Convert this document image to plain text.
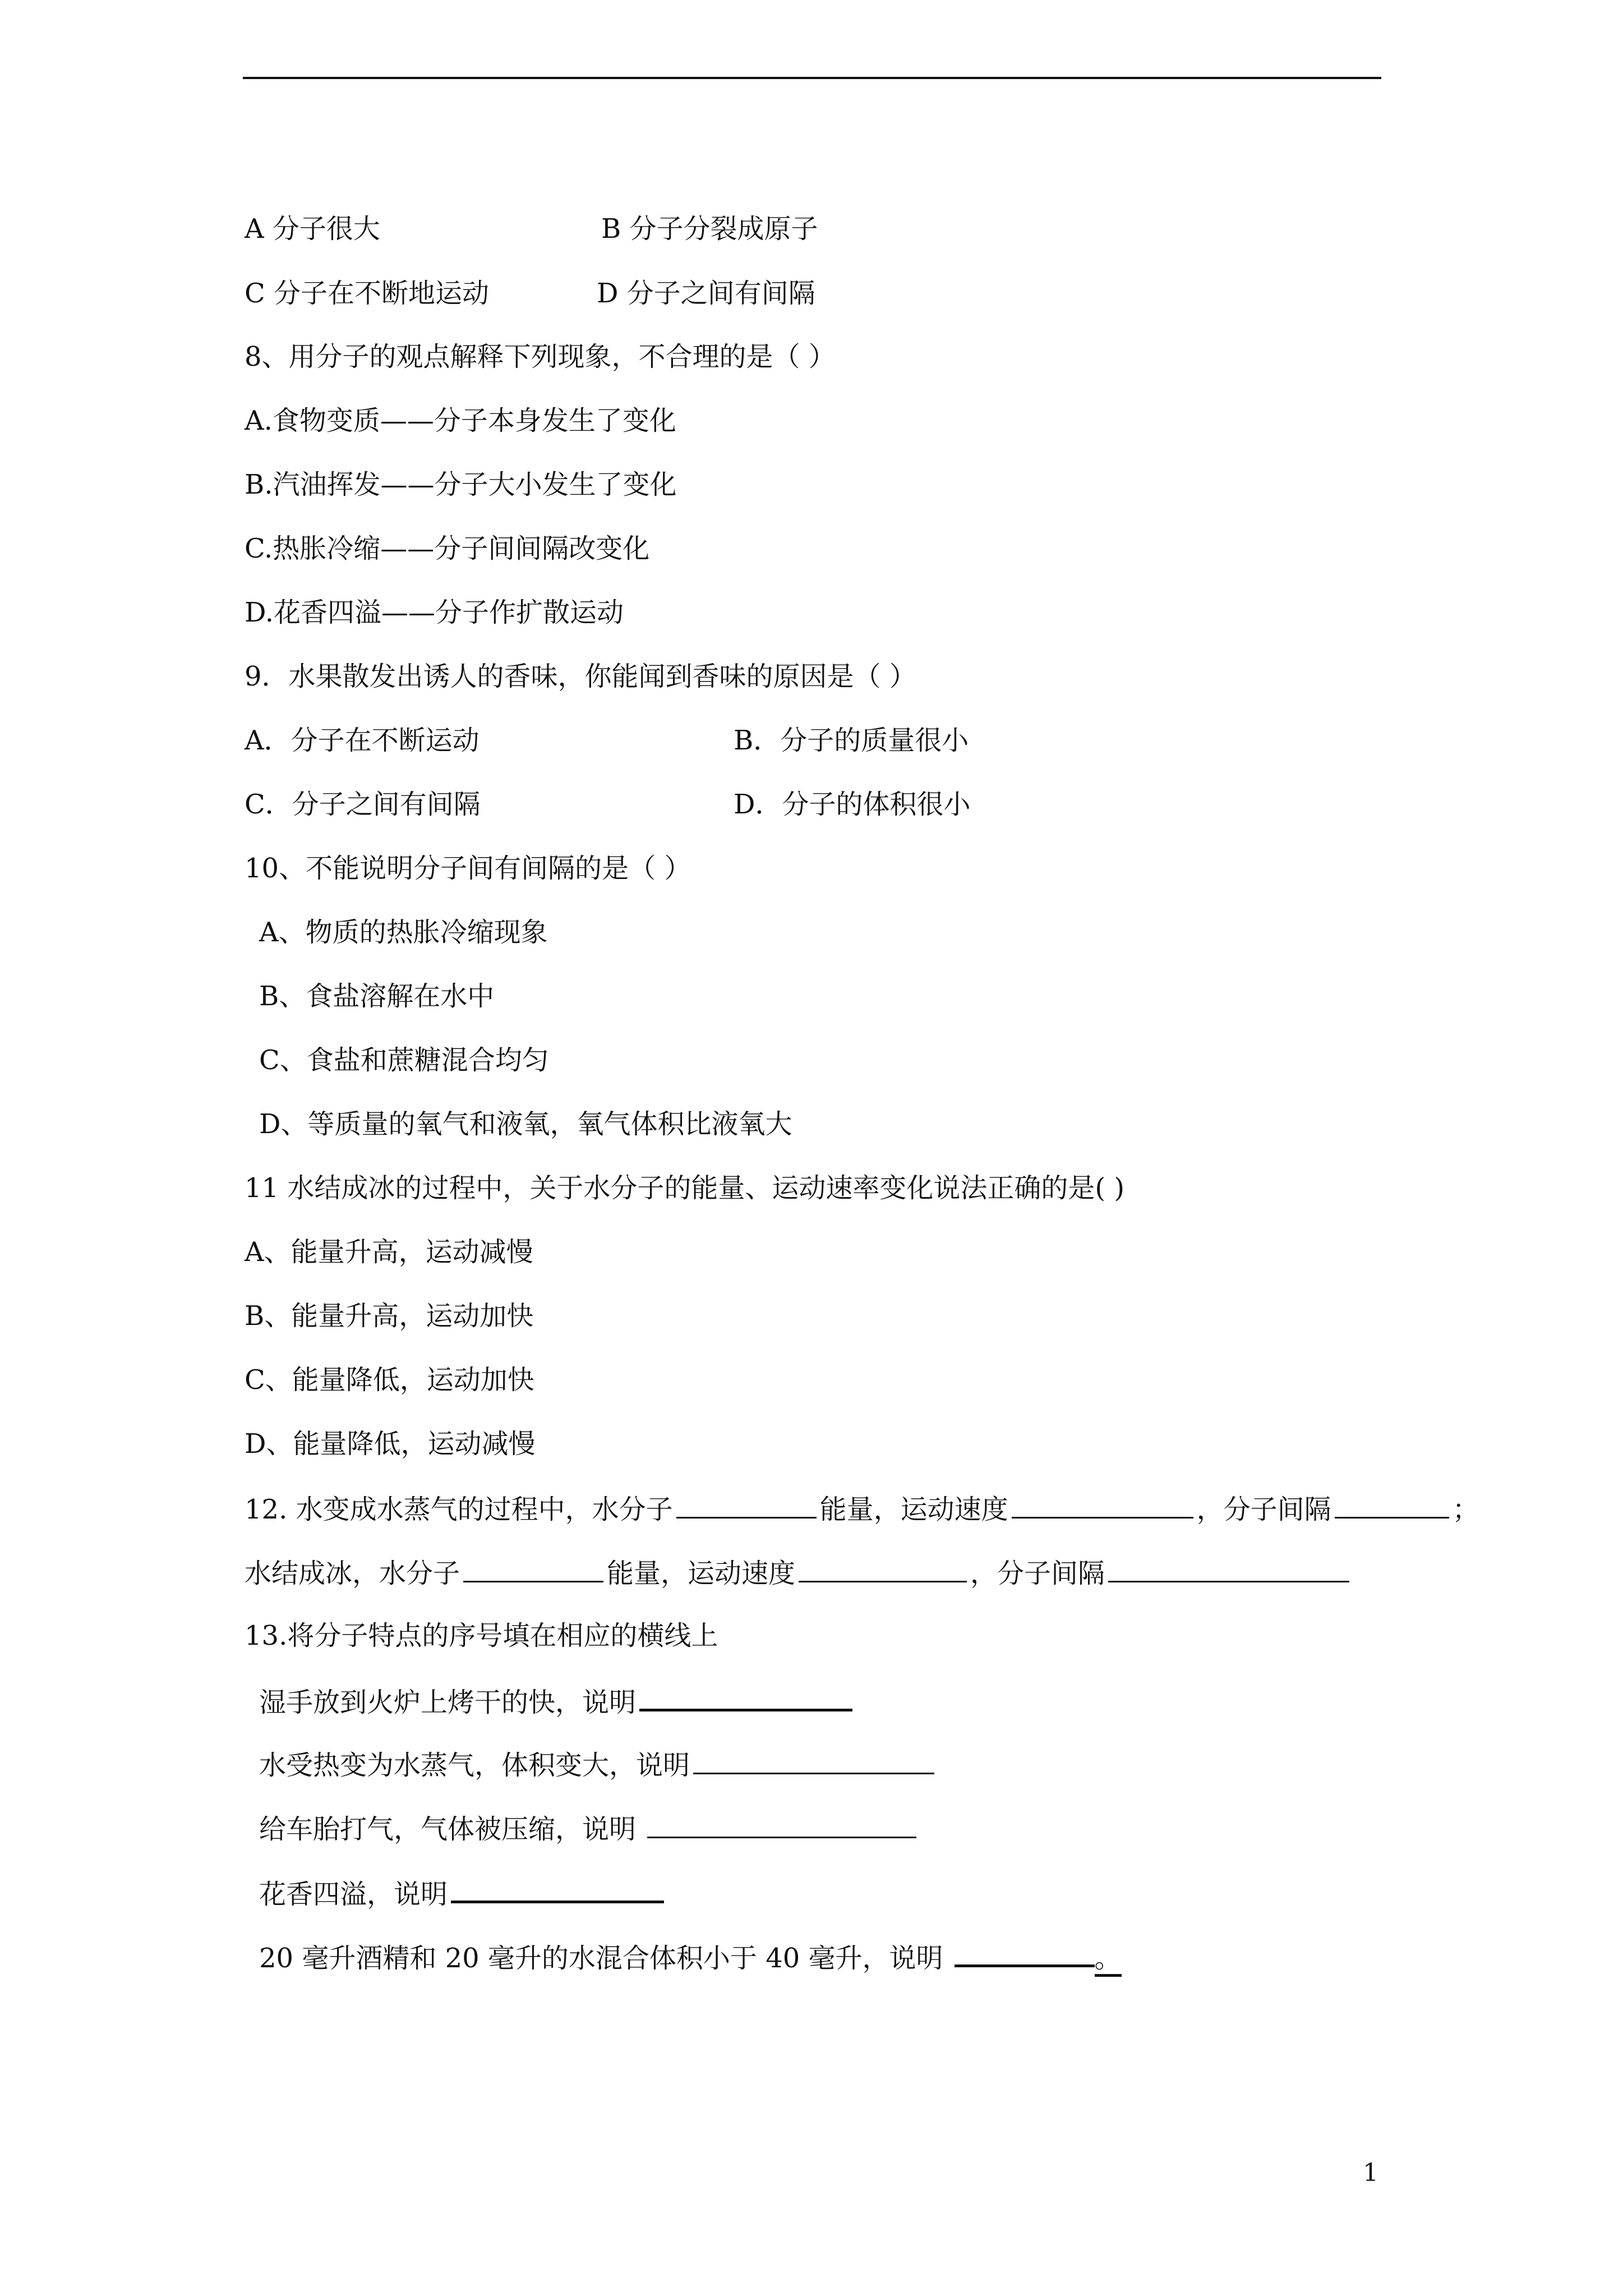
A 分子很大	B 分子分裂成原子
C 分子在不断地运动	D 分子之间有间隔
8、用分子的观点解释下列现象，不合理的是（ ）
A.食物变质——分子本身发生了变化
B.汽油挥发——分子大小发生了变化
C.热胀冷缩——分子间间隔改变化
D.花香四溢——分子作扩散运动
9．水果散发出诱人的香味，你能闻到香味的原因是（ ）
A．分子在不断运动	B．分子的质量很小
C．分子之间有间隔	D．分子的体积很小
10、不能说明分子间有间隔的是（ ）
A、物质的热胀冷缩现象
B、食盐溶解在水中
C、食盐和蔗糖混合均匀
D、等质量的氧气和液氧，氧气体积比液氧大
11 水结成冰的过程中，关于水分子的能量、运动速率变化说法正确的是( )
A、能量升高，运动减慢
B、能量升高，运动加快
C、能量降低，运动加快
D、能量降低，运动减慢
12. 水变成水蒸气的过程中，水分子	能量，运动速度	，分子间隔	；
水结成冰，水分子	能量，运动速度	，分子间隔
13.将分子特点的序号填在相应的横线上
湿手放到火炉上烤干的快，说明
水受热变为水蒸气，体积变大，说明
给车胎打气，气体被压缩，说明
花香四溢，说明
20 毫升酒精和 20 毫升的水混合体积小于 40 毫升，说明	。
1
